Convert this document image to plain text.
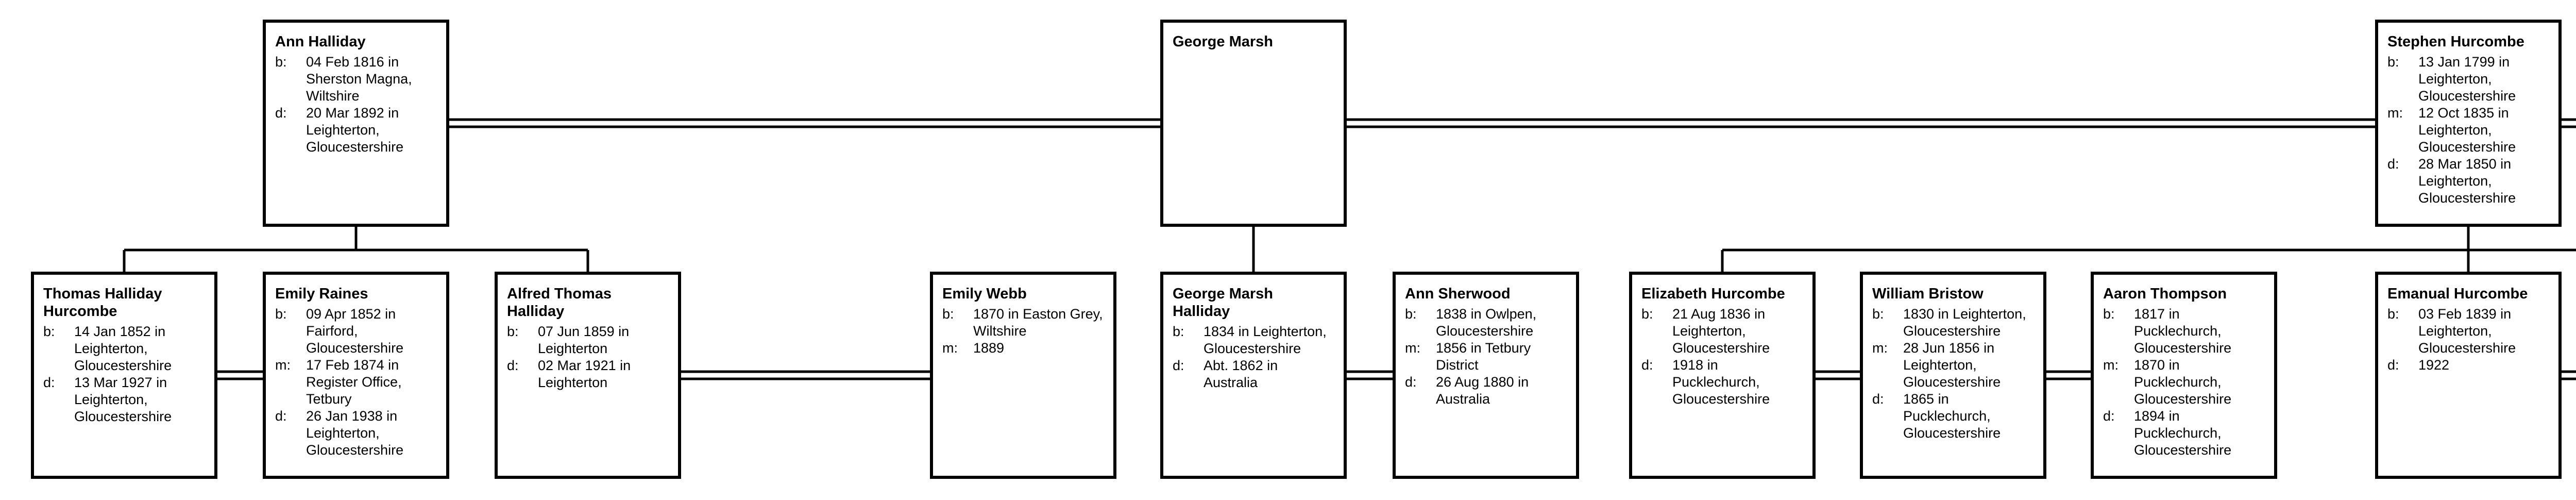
Ann Halliday
b:	04 Feb 1816 in Sherston Magna, Wiltshire
d:	20 Mar 1892 in Leighterton, Gloucestershire
George Marsh	Stephen Hurcombe
b:	13 Jan 1799 in Leighterton, Gloucestershire
m:	12 Oct 1835 in Leighterton, Gloucestershire
d:	28 Mar 1850 in Leighterton, Gloucestershire
Thomas Halliday Hurcombe
b:	14 Jan 1852 in Leighterton, Gloucestershire
d:	13 Mar 1927 in Leighterton, Gloucestershire
Emily Raines
b:	09 Apr 1852 in Fairford, Gloucestershire
m:	17 Feb 1874 in Register Office, Tetbury
d:	26 Jan 1938 in Leighterton, Gloucestershire
Alfred Thomas Halliday
b:	07 Jun 1859 in Leighterton
d:	02 Mar 1921 in Leighterton
Emily Webb
b:	1870 in Easton Grey, Wiltshire
m:	1889
George Marsh Halliday
b:	1834 in Leighterton, Gloucestershire
d:	Abt. 1862 in Australia
Ann Sherwood
b:	1838 in Owlpen, Gloucestershire
m:	1856 in Tetbury District
d:	26 Aug 1880 in Australia
Elizabeth Hurcombe
b:	21 Aug 1836 in Leighterton, Gloucestershire
d:	1918 in Pucklechurch, Gloucestershire
William Bristow
b:	1830 in Leighterton, Gloucestershire
m:	28 Jun 1856 in Leighterton, Gloucestershire
d:	1865 in Pucklechurch, Gloucestershire
Aaron Thompson
b:	1817 in Pucklechurch, Gloucestershire
m:	1870 in Pucklechurch, Gloucestershire
d:	1894 in Pucklechurch, Gloucestershire
Emanual Hurcombe
b:	03 Feb 1839 in Leighterton, Gloucestershire
d:	1922
